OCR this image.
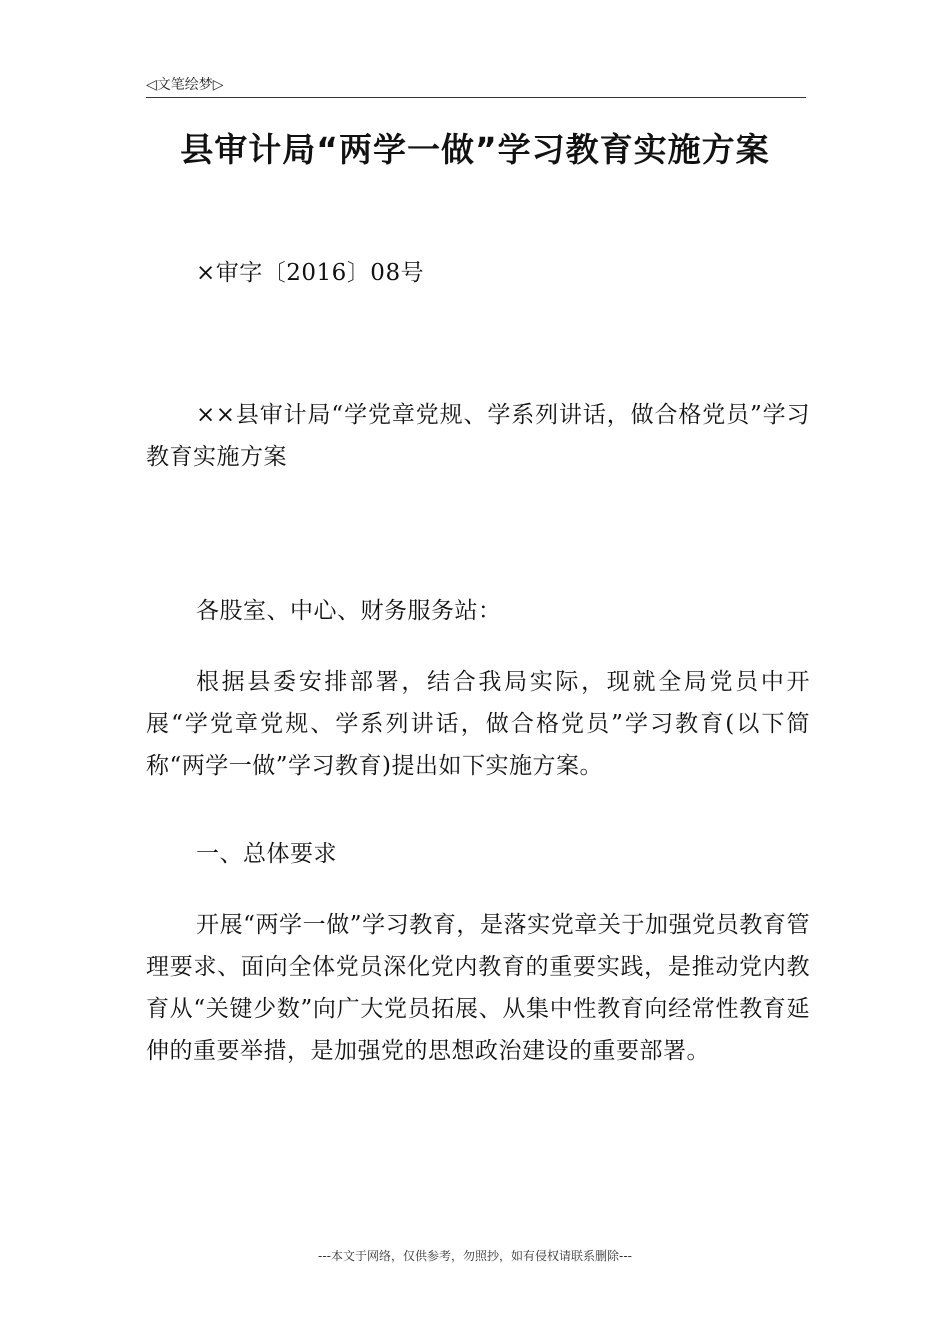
◁文笔绘梦▷
县审计局“两学一做”学习教育实施方案

×审字〔2016〕08号

××县审计局“学党章党规、学系列讲话，做合格党员”学习教育实施方案

各股室、中心、财务服务站：

根据县委安排部署，结合我局实际，现就全局党员中开展“学党章党规、学系列讲话，做合格党员”学习教育(以下简称“两学一做”学习教育)提出如下实施方案。

一、总体要求

开展“两学一做”学习教育，是落实党章关于加强党员教育管理要求、面向全体党员深化党内教育的重要实践，是推动党内教育从“关键少数”向广大党员拓展、从集中性教育向经常性教育延伸的重要举措，是加强党的思想政治建设的重要部署。

---本文于网络，仅供参考，勿照抄，如有侵权请联系删除---
